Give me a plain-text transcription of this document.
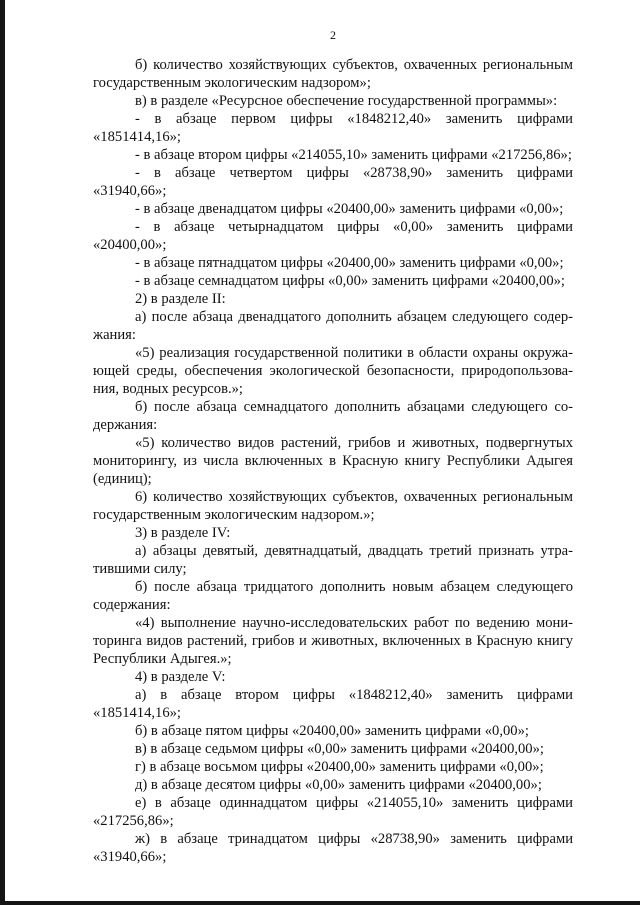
2
б) количество хозяйствующих субъектов, охваченных региональным
государственным экологическим надзором»;
в) в разделе «Ресурсное обеспечение государственной программы»:
- в абзаце первом цифры «1848212,40» заменить цифрами
«1851414,16»;
- в абзаце втором цифры «214055,10» заменить цифрами «217256,86»;
- в абзаце четвертом цифры «28738,90» заменить цифрами
«31940,66»;
- в абзаце двенадцатом цифры «20400,00» заменить цифрами «0,00»;
- в абзаце четырнадцатом цифры «0,00» заменить цифрами
«20400,00»;
- в абзаце пятнадцатом цифры «20400,00» заменить цифрами «0,00»;
- в абзаце семнадцатом цифры «0,00» заменить цифрами «20400,00»;
2) в разделе II:
а) после абзаца двенадцатого дополнить абзацем следующего содер-
жания:
«5) реализация государственной политики в области охраны окружа-
ющей среды, обеспечения экологической безопасности, природопользова-
ния, водных ресурсов.»;
б) после абзаца семнадцатого дополнить абзацами следующего со-
держания:
«5) количество видов растений, грибов и животных, подвергнутых
мониторингу, из числа включенных в Красную книгу Республики Адыгея
(единиц);
6) количество хозяйствующих субъектов, охваченных региональным
государственным экологическим надзором.»;
3) в разделе IV:
а) абзацы девятый, девятнадцатый, двадцать третий признать утра-
тившими силу;
б) после абзаца тридцатого дополнить новым абзацем следующего
содержания:
«4) выполнение научно-исследовательских работ по ведению мони-
торинга видов растений, грибов и животных, включенных в Красную книгу
Республики Адыгея.»;
4) в разделе V:
а) в абзаце втором цифры «1848212,40» заменить цифрами
«1851414,16»;
б) в абзаце пятом цифры «20400,00» заменить цифрами «0,00»;
в) в абзаце седьмом цифры «0,00» заменить цифрами «20400,00»;
г) в абзаце восьмом цифры «20400,00» заменить цифрами «0,00»;
д) в абзаце десятом цифры «0,00» заменить цифрами «20400,00»;
е) в абзаце одиннадцатом цифры «214055,10» заменить цифрами
«217256,86»;
ж) в абзаце тринадцатом цифры «28738,90» заменить цифрами
«31940,66»;
